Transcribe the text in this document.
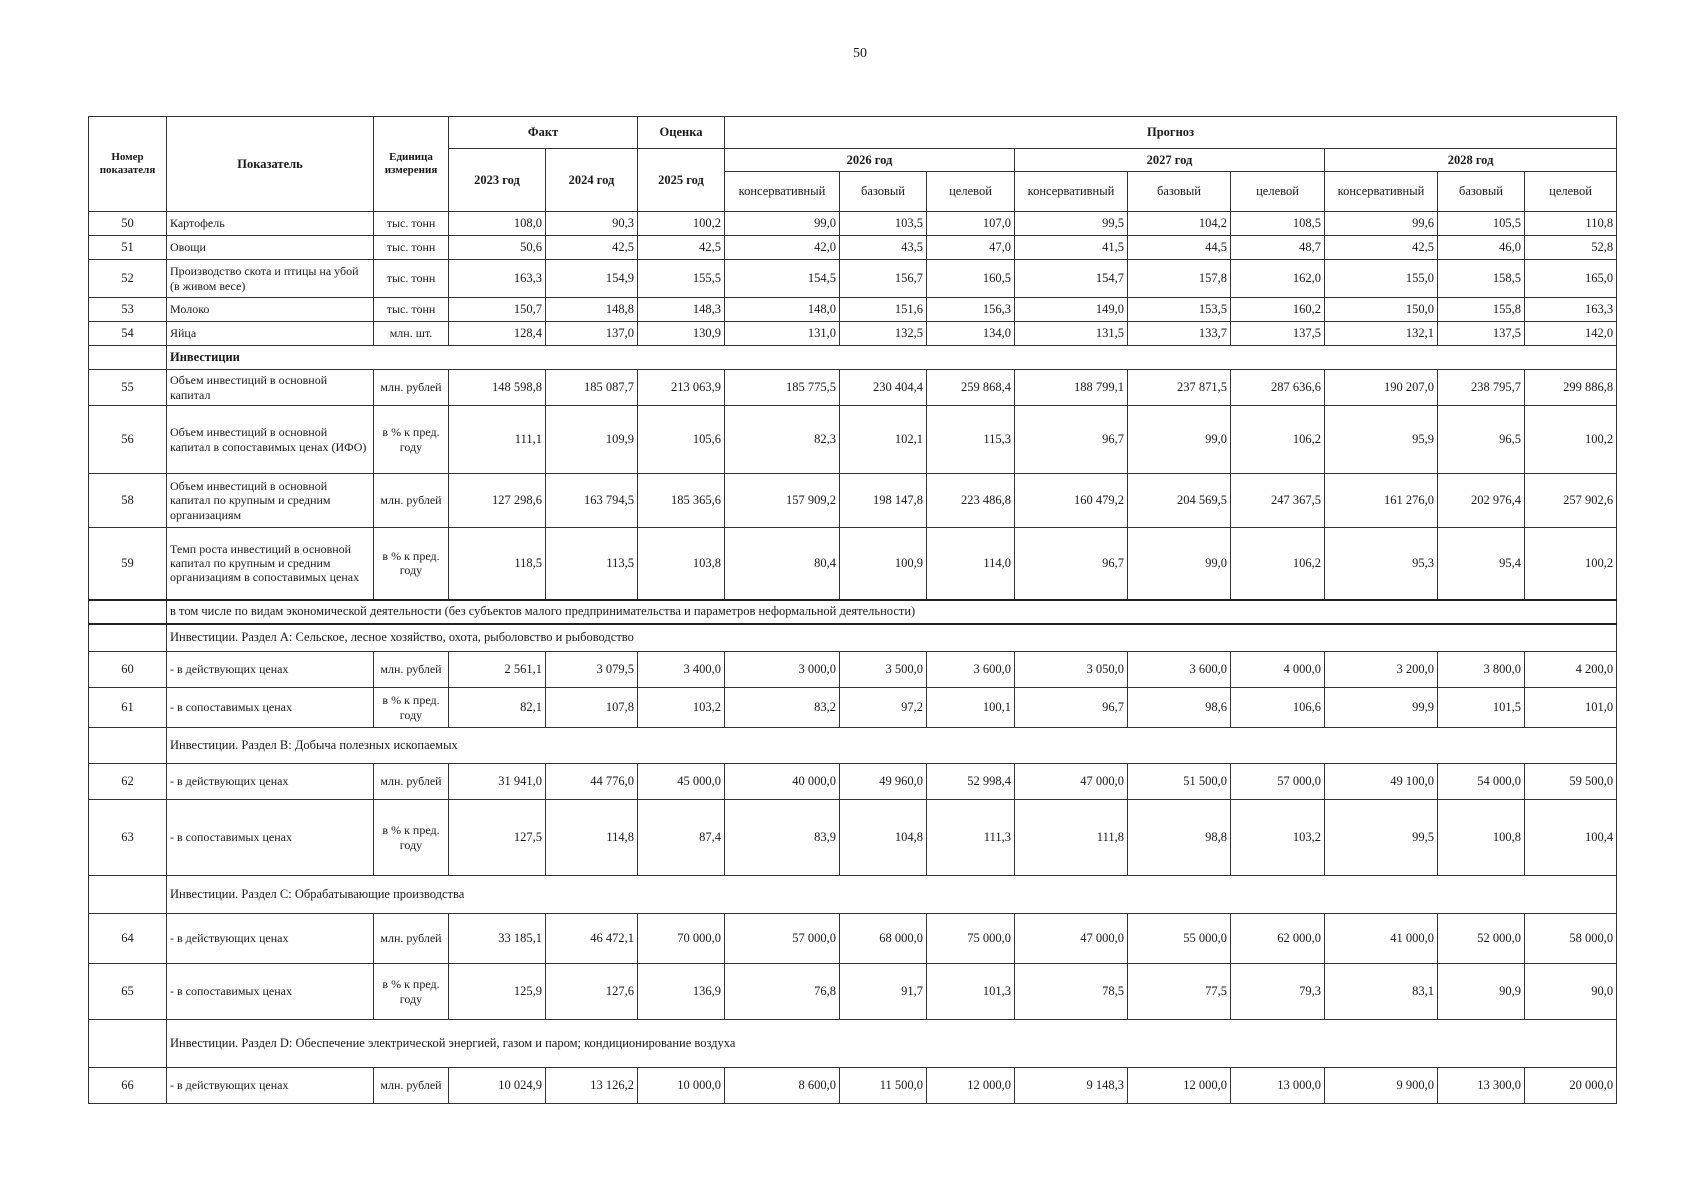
50
Номер показателя	Показатель	Единица измерения	Факт		Оценка	Прогноз								
			2023 год	2024 год	2025 год	2026 год			2027 год			2028 год		
						консервативный	базовый	целевой	консервативный	базовый	целевой	консервативный	базовый	целевой
50	Картофель	тыс. тонн	108,0	90,3	100,2	99,0	103,5	107,0	99,5	104,2	108,5	99,6	105,5	110,8
51	Овощи	тыс. тонн	50,6	42,5	42,5	42,0	43,5	47,0	41,5	44,5	48,7	42,5	46,0	52,8
52	Производство скота и птицы на убой (в живом весе)	тыс. тонн	163,3	154,9	155,5	154,5	156,7	160,5	154,7	157,8	162,0	155,0	158,5	165,0
53	Молоко	тыс. тонн	150,7	148,8	148,3	148,0	151,6	156,3	149,0	153,5	160,2	150,0	155,8	163,3
54	Яйца	млн. шт.	128,4	137,0	130,9	131,0	132,5	134,0	131,5	133,7	137,5	132,1	137,5	142,0
	Инвестиции													
55	Объем инвестиций в основной капитал	млн. рублей	148 598,8	185 087,7	213 063,9	185 775,5	230 404,4	259 868,4	188 799,1	237 871,5	287 636,6	190 207,0	238 795,7	299 886,8
56	Объем инвестиций в основной капитал в сопоставимых ценах (ИФО)	в % к пред. году	111,1	109,9	105,6	82,3	102,1	115,3	96,7	99,0	106,2	95,9	96,5	100,2
58	Объем инвестиций в основной капитал по крупным и средним организациям	млн. рублей	127 298,6	163 794,5	185 365,6	157 909,2	198 147,8	223 486,8	160 479,2	204 569,5	247 367,5	161 276,0	202 976,4	257 902,6
59	Темп роста инвестиций в основной капитал по крупным и средним организациям в сопоставимых ценах	в % к пред. году	118,5	113,5	103,8	80,4	100,9	114,0	96,7	99,0	106,2	95,3	95,4	100,2
	в том числе по видам экономической деятельности (без субъектов малого предпринимательства и параметров неформальной деятельности)													
	Инвестиции. Раздел А: Сельское, лесное хозяйство, охота, рыболовство и рыбоводство													
60	- в действующих ценах	млн. рублей	2 561,1	3 079,5	3 400,0	3 000,0	3 500,0	3 600,0	3 050,0	3 600,0	4 000,0	3 200,0	3 800,0	4 200,0
61	- в сопоставимых ценах	в % к пред. году	82,1	107,8	103,2	83,2	97,2	100,1	96,7	98,6	106,6	99,9	101,5	101,0
	Инвестиции. Раздел В: Добыча полезных ископаемых													
62	- в действующих ценах	млн. рублей	31 941,0	44 776,0	45 000,0	40 000,0	49 960,0	52 998,4	47 000,0	51 500,0	57 000,0	49 100,0	54 000,0	59 500,0
63	- в сопоставимых ценах	в % к пред. году	127,5	114,8	87,4	83,9	104,8	111,3	111,8	98,8	103,2	99,5	100,8	100,4
	Инвестиции. Раздел С: Обрабатывающие производства													
64	- в действующих ценах	млн. рублей	33 185,1	46 472,1	70 000,0	57 000,0	68 000,0	75 000,0	47 000,0	55 000,0	62 000,0	41 000,0	52 000,0	58 000,0
65	- в сопоставимых ценах	в % к пред. году	125,9	127,6	136,9	76,8	91,7	101,3	78,5	77,5	79,3	83,1	90,9	90,0
	Инвестиции. Раздел D: Обеспечение электрической энергией, газом и паром; кондиционирование воздуха													
66	- в действующих ценах	млн. рублей	10 024,9	13 126,2	10 000,0	8 600,0	11 500,0	12 000,0	9 148,3	12 000,0	13 000,0	9 900,0	13 300,0	20 000,0
